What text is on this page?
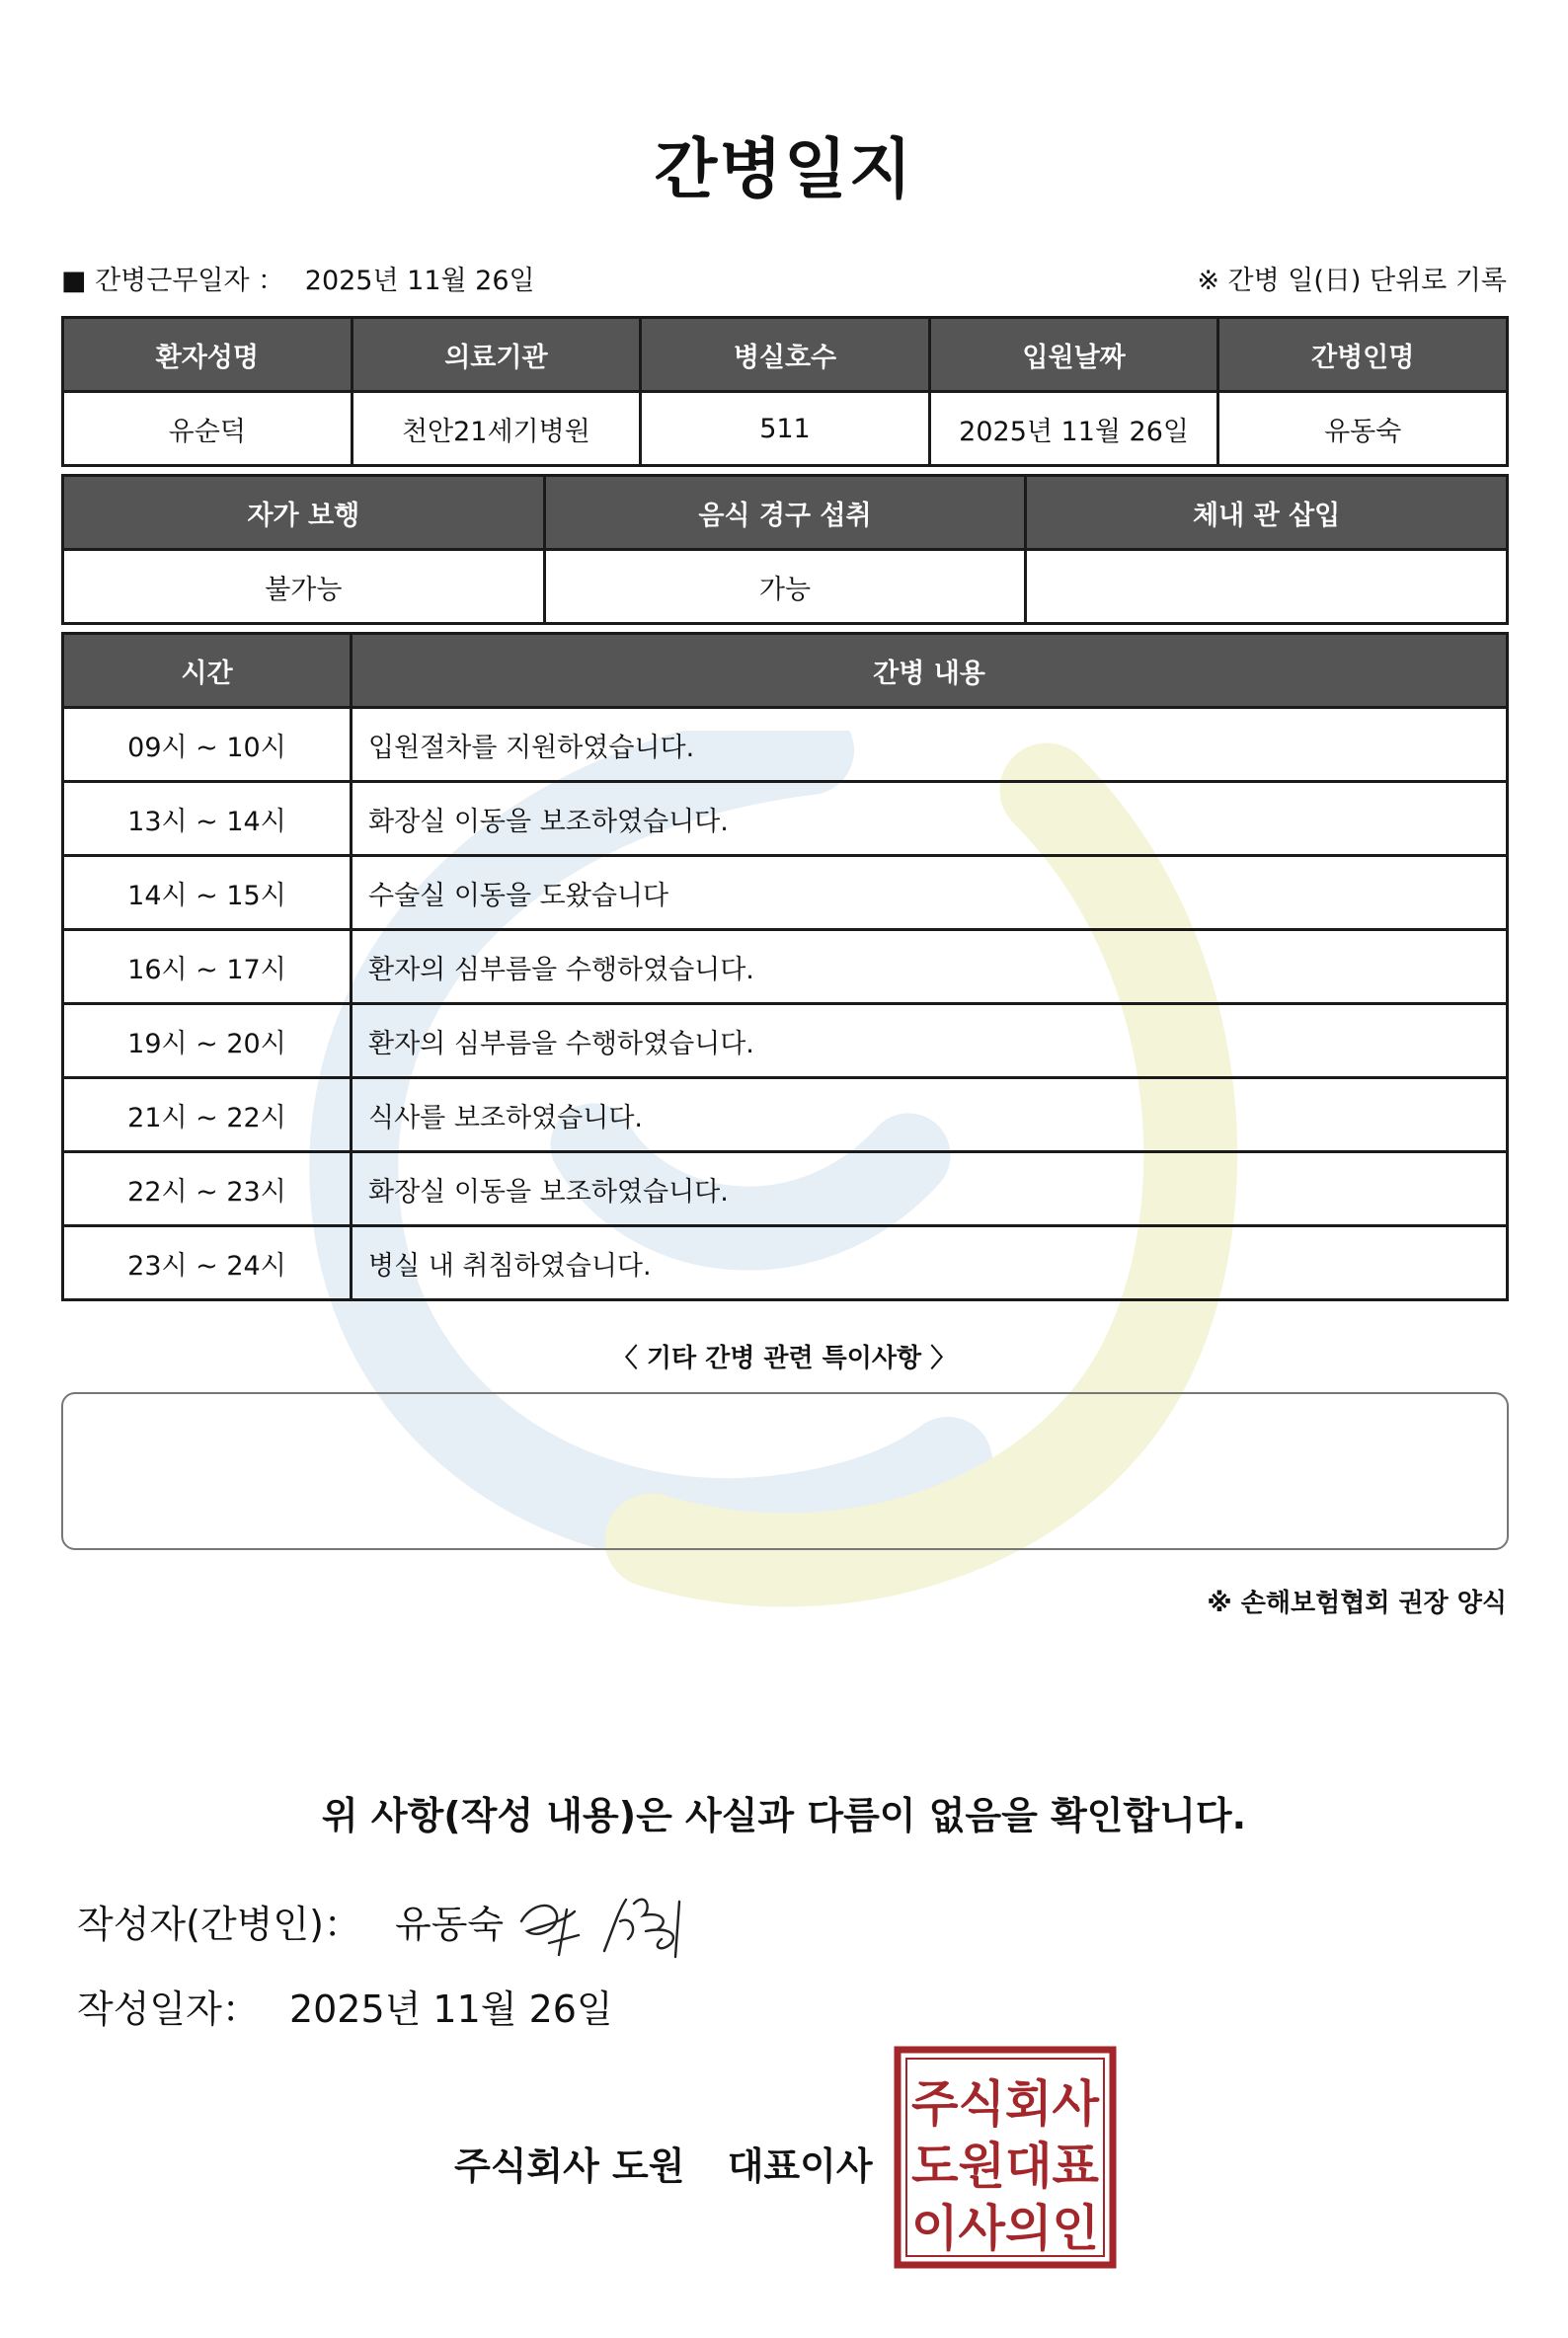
간병일지
■ 간병근무일자 ： 2025년 11월 26일	※ 간병 일(日) 단위로 기록
환자성명	의료기관	병실호수	입원날짜	간병인명
유순덕	천안21세기병원	511	2025년 11월 26일	유동숙
자가 보행	음식 경구 섭취	체내 관 삽입
불가능	가능	
시간	간병 내용
09시 ~ 10시	입원절차를 지원하였습니다.
13시 ~ 14시	화장실 이동을 보조하였습니다.
14시 ~ 15시	수술실 이동을 도왔습니다
16시 ~ 17시	환자의 심부름을 수행하였습니다.
19시 ~ 20시	환자의 심부름을 수행하였습니다.
21시 ~ 22시	식사를 보조하였습니다.
22시 ~ 23시	화장실 이동을 보조하였습니다.
23시 ~ 24시	병실 내 취침하였습니다.
〈 기타 간병 관련 특이사항 〉
※ 손해보험협회 권장 양식
위 사항(작성 내용)은 사실과 다름이 없음을 확인합니다.
작성자(간병인)： 유동숙
작성일자： 2025년 11월 26일
주식회사 도원 대표이사
주식회사
도원대표
이사의인
